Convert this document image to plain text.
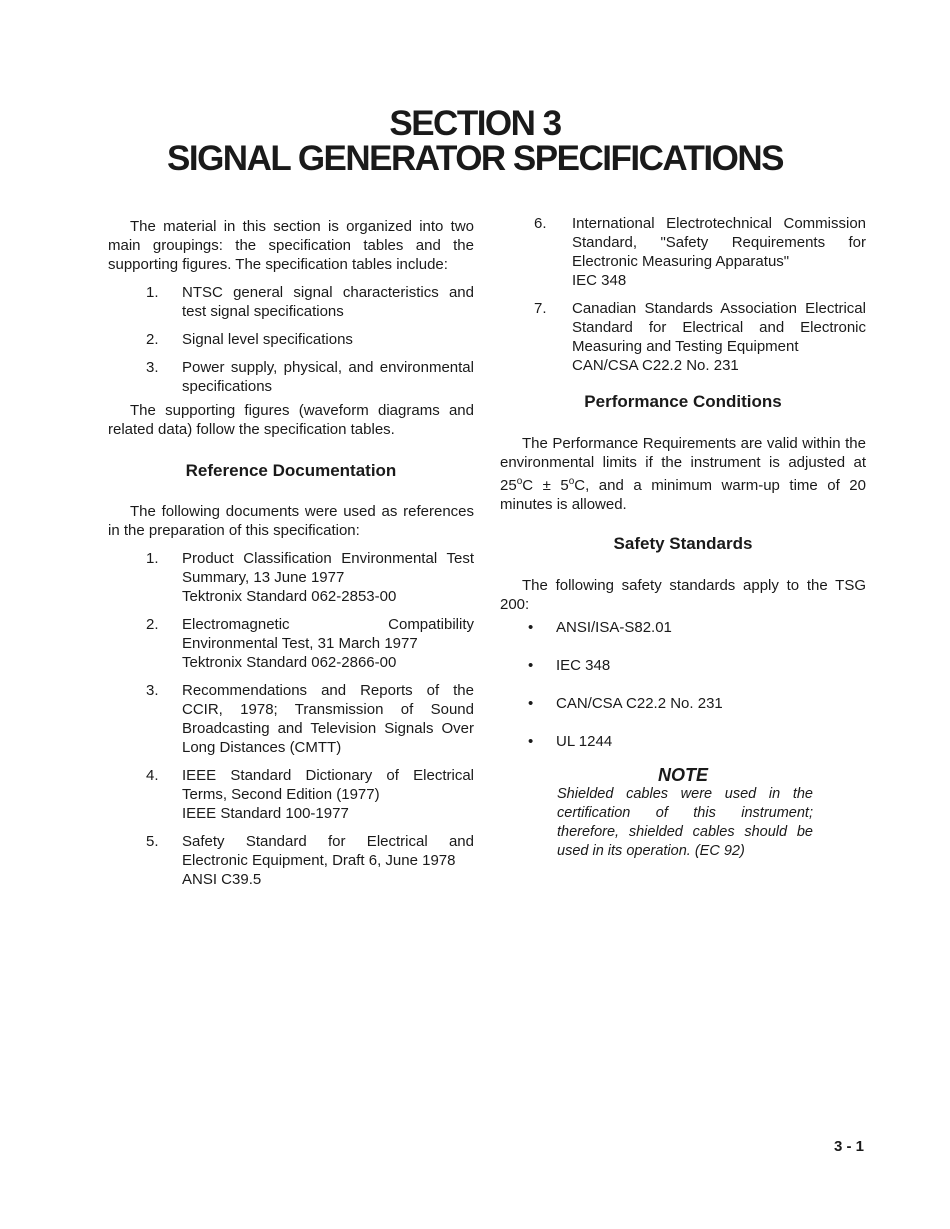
SECTION 3
SIGNAL GENERATOR SPECIFICATIONS

The material in this section is organized into two main groupings: the specification tables and the supporting figures. The specification tables include:

1.	NTSC general signal characteristics and test signal specifications
2.	Signal level specifications
3.	Power supply, physical, and environmental specifications

The supporting figures (waveform diagrams and related data) follow the specification tables.

Reference Documentation

The following documents were used as references in the preparation of this specification:

1.	Product Classification Environmental Test Summary, 13 June 1977
Tektronix Standard 062-2853-00
2.	Electromagnetic Compatibility Environmental Test, 31 March 1977
Tektronix Standard 062-2866-00
3.	Recommendations and Reports of the CCIR, 1978; Transmission of Sound Broadcasting and Television Signals Over Long Distances (CMTT)
4.	IEEE Standard Dictionary of Electrical Terms, Second Edition (1977)
IEEE Standard 100-1977
5.	Safety Standard for Electrical and Electronic Equipment, Draft 6, June 1978
ANSI C39.5
6.	International Electrotechnical Commission Standard, "Safety Requirements for Electronic Measuring Apparatus"
IEC 348
7.	Canadian Standards Association Electrical Standard for Electrical and Electronic Measuring and Testing Equipment
CAN/CSA C22.2 No. 231

Performance Conditions

The Performance Requirements are valid within the environmental limits if the instrument is adjusted at $25^oC \pm 5^oC$, and a minimum warm-up time of 20 minutes is allowed.

Safety Standards

The following safety standards apply to the TSG 200:

•	ANSI/ISA-S82.01
•	IEC 348
•	CAN/CSA C22.2 No. 231
•	UL 1244

NOTE

Shielded cables were used in the certification of this instrument; therefore, shielded cables should be used in its operation. (EC 92)

3 - 1
